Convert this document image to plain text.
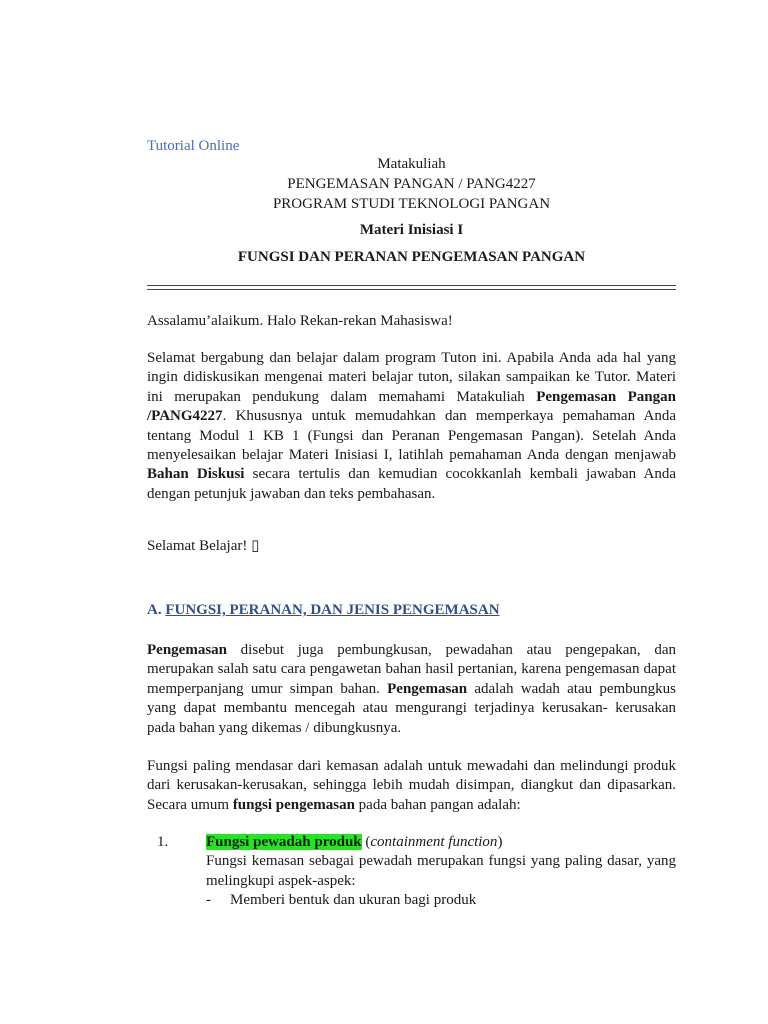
Tutorial Online
Matakuliah
PENGEMASAN PANGAN / PANG4227
PROGRAM STUDI TEKNOLOGI PANGAN
Materi Inisiasi I
FUNGSI DAN PERANAN PENGEMASAN PANGAN
Assalamu’alaikum. Halo Rekan-rekan Mahasiswa!
Selamat bergabung dan belajar dalam program Tuton ini. Apabila Anda ada hal yang ingin didiskusikan mengenai materi belajar tuton, silakan sampaikan ke Tutor. Materi ini merupakan pendukung dalam memahami Matakuliah Pengemasan Pangan /PANG4227. Khususnya untuk memudahkan dan memperkaya pemahaman Anda tentang Modul 1 KB 1 (Fungsi dan Peranan Pengemasan Pangan). Setelah Anda menyelesaikan belajar Materi Inisiasi I, latihlah pemahaman Anda dengan menjawab Bahan Diskusi secara tertulis dan kemudian cocokkanlah kembali jawaban Anda dengan petunjuk jawaban dan teks pembahasan.
Selamat Belajar! ▯
A. FUNGSI, PERANAN, DAN JENIS PENGEMASAN
Pengemasan disebut juga pembungkusan, pewadahan atau pengepakan, dan merupakan salah satu cara pengawetan bahan hasil pertanian, karena pengemasan dapat memperpanjang umur simpan bahan. Pengemasan adalah wadah atau pembungkus yang dapat membantu mencegah atau mengurangi terjadinya kerusakan- kerusakan pada bahan yang dikemas / dibungkusnya.
Fungsi paling mendasar dari kemasan adalah untuk mewadahi dan melindungi produk dari kerusakan-kerusakan, sehingga lebih mudah disimpan, diangkut dan dipasarkan. Secara umum fungsi pengemasan pada bahan pangan adalah:
1.	Fungsi pewadah produk (containment function)
Fungsi kemasan sebagai pewadah merupakan fungsi yang paling dasar, yang melingkupi aspek-aspek:
- Memberi bentuk dan ukuran bagi produk
